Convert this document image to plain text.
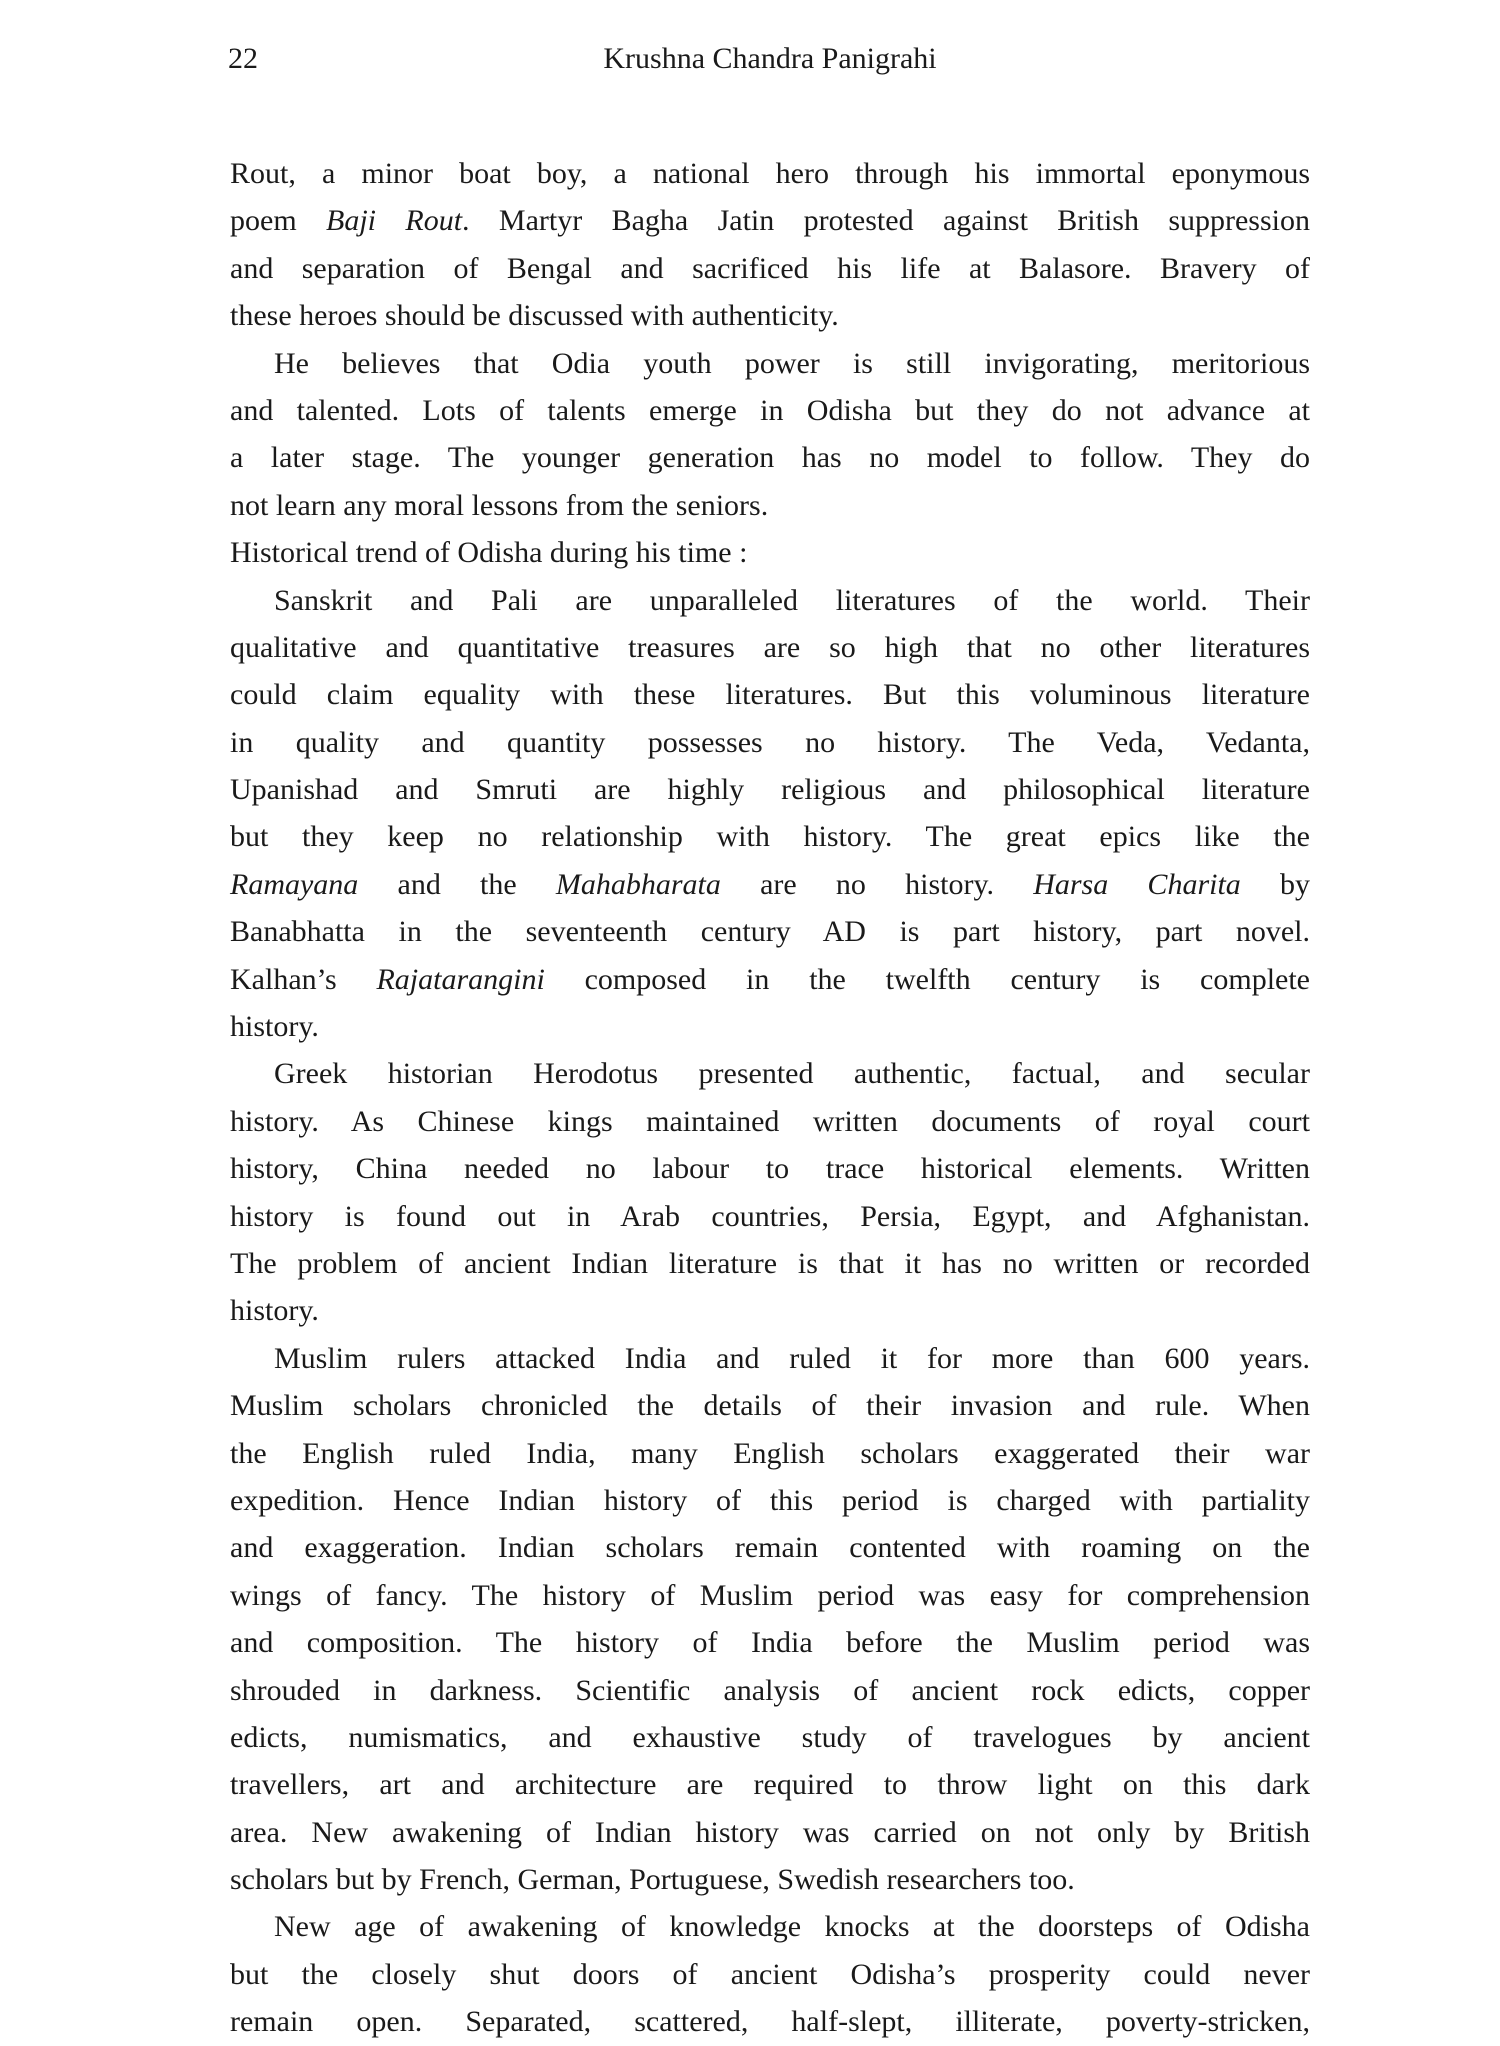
22	Krushna Chandra Panigrahi
Rout, a minor boat boy, a national hero through his immortal eponymous
poem Baji Rout. Martyr Bagha Jatin protested against British suppression
and separation of Bengal and sacrificed his life at Balasore. Bravery of
these heroes should be discussed with authenticity.
He believes that Odia youth power is still invigorating, meritorious
and talented. Lots of talents emerge in Odisha but they do not advance at
a later stage. The younger generation has no model to follow. They do
not learn any moral lessons from the seniors.
Historical trend of Odisha during his time :
Sanskrit and Pali are unparalleled literatures of the world. Their
qualitative and quantitative treasures are so high that no other literatures
could claim equality with these literatures. But this voluminous literature
in quality and quantity possesses no history. The Veda, Vedanta,
Upanishad and Smruti are highly religious and philosophical literature
but they keep no relationship with history. The great epics like the
Ramayana and the Mahabharata are no history. Harsa Charita by
Banabhatta in the seventeenth century AD is part history, part novel.
Kalhan’s Rajatarangini composed in the twelfth century is complete
history.
Greek historian Herodotus presented authentic, factual, and secular
history. As Chinese kings maintained written documents of royal court
history, China needed no labour to trace historical elements. Written
history is found out in Arab countries, Persia, Egypt, and Afghanistan.
The problem of ancient Indian literature is that it has no written or recorded
history.
Muslim rulers attacked India and ruled it for more than 600 years.
Muslim scholars chronicled the details of their invasion and rule. When
the English ruled India, many English scholars exaggerated their war
expedition. Hence Indian history of this period is charged with partiality
and exaggeration. Indian scholars remain contented with roaming on the
wings of fancy. The history of Muslim period was easy for comprehension
and composition. The history of India before the Muslim period was
shrouded in darkness. Scientific analysis of ancient rock edicts, copper
edicts, numismatics, and exhaustive study of travelogues by ancient
travellers, art and architecture are required to throw light on this dark
area. New awakening of Indian history was carried on not only by British
scholars but by French, German, Portuguese, Swedish researchers too.
New age of awakening of knowledge knocks at the doorsteps of Odisha
but the closely shut doors of ancient Odisha’s prosperity could never
remain open. Separated, scattered, half-slept, illiterate, poverty-stricken,
